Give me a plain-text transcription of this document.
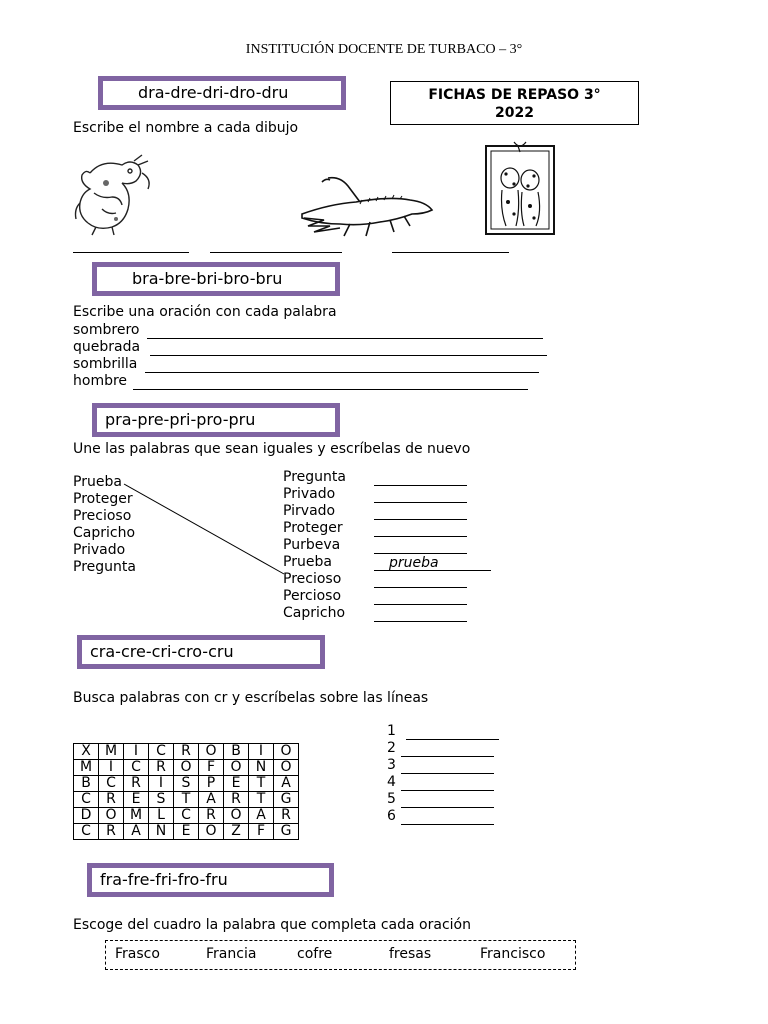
INSTITUCIÓN DOCENTE DE TURBACO – 3°
dra-dre-dri-dro-dru	FICHAS DE REPASO 3°
2022
Escribe el nombre a cada dibujo
bra-bre-bri-bro-bru
Escribe una oración con cada palabra
sombrero
quebrada
sombrilla
hombre
pra-pre-pri-pro-pru
Une las palabras que sean iguales y escríbelas de nuevo
Prueba
Proteger
Precioso
Capricho
Privado
Pregunta
Pregunta
Privado
Pirvado
Proteger
Purbeva
Prueba	prueba
Precioso
Percioso
Capricho
cra-cre-cri-cro-cru
Busca palabras con cr y escríbelas sobre las líneas
X	M	I	C	R	O	B	I	O
M	I	C	R	O	F	O	N	O
B	C	R	I	S	P	E	T	A
C	R	E	S	T	A	R	T	G
D	O	M	L	C	R	O	A	R
C	R	A	N	E	O	Z	F	G
1
2
3
4
5
6
fra-fre-fri-fro-fru
Escoge del cuadro la palabra que completa cada oración
Frasco	Francia	cofre	fresas	Francisco
